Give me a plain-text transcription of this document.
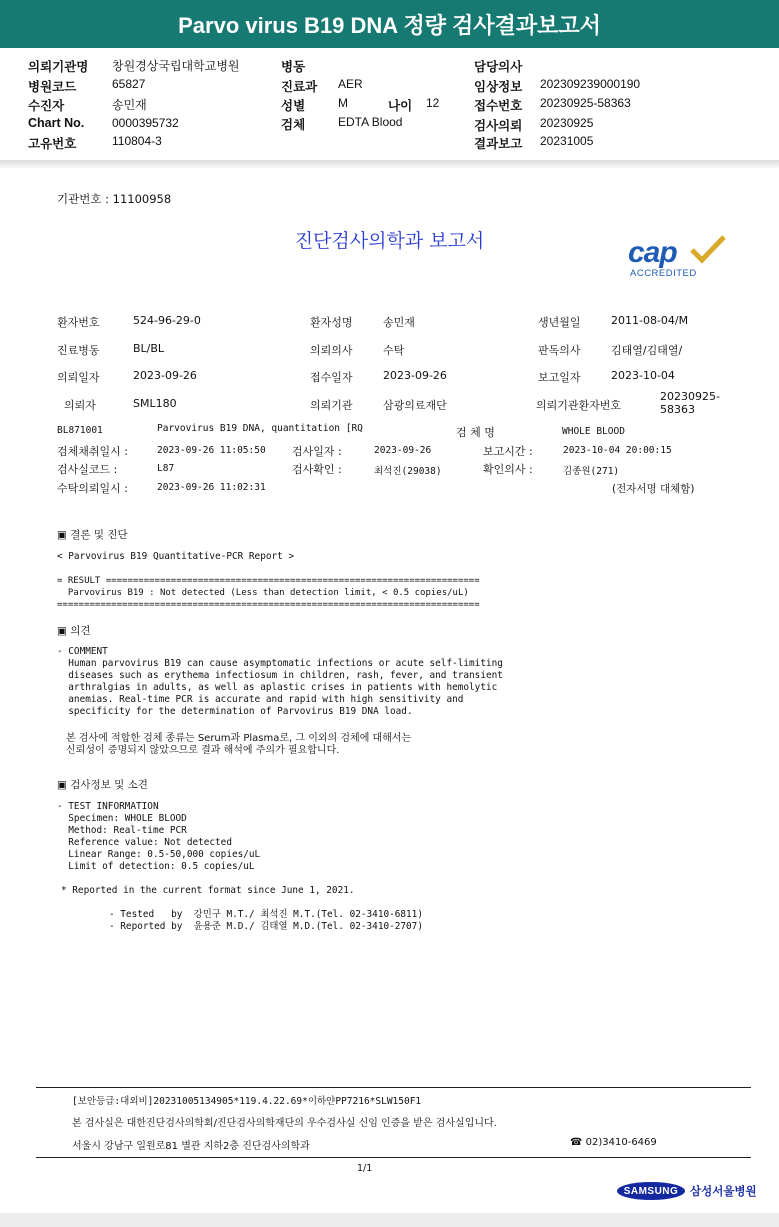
Parvo virus B19 DNA 정량 검사결과보고서
의뢰기관명 창원경상국립대학교병원
병원코드	65827
수진자	송민재
Chart No. 0000395732
고유번호	110804-3
병동
진료과 AER
성별	M	나이 12
검체	EDTA Blood
담당의사
임상정보 202309239000190
접수번호 20230925-58363
검사의뢰 20230925
결과보고 20231005
기관번호 : 11100958
진단검사의학과 보고서	cap
ACCREDITED
환자번호	524-96-29-0	환자성명	송민재	생년월일	2011-08-04/M
진료병동	BL/BL	의뢰의사	수탁	판독의사	김태열/김태열/
의뢰일자	2023-09-26	접수일자	2023-09-26	보고일자	2023-10-04
의뢰자	SML180	의뢰기관	삼광의료재단	의뢰기관환자번호
20230925-58363
BL871001	Parvovirus B19 DNA, quantitation [RQ	검 체 명	WHOLE BLOOD
검체채취일시 :	2023-09-26 11:05:50 검사일자 :	2023-09-26	보고시간 :	2023-10-04 20:00:15
검사실코드 :	L87	검사확인 :	최석진(29038)	확인의사 :	김종원(271)
수탁의뢰일시 :	2023-09-26 11:02:31	(전자서명 대체함)
▣ 결론 및 진단
< Parvovirus B19 Quantitative-PCR Report >
= RESULT =====================================================================
Parvovirus B19 : Not detected (Less than detection limit, < 0.5 copies/uL)
==============================================================================
▣ 의견
- COMMENT
Human parvovirus B19 can cause asymptomatic infections or acute self-limiting
diseases such as erythema infectiosum in children, rash, fever, and transient
arthralgias in adults, as well as aplastic crises in patients with hemolytic
anemias. Real-time PCR is accurate and rapid with high sensitivity and
specificity for the determination of Parvovirus B19 DNA load.
본 검사에 적합한 검체 종류는 Serum과 Plasma로, 그 이외의 검체에 대해서는
신뢰성이 증명되지 않았으므로 결과 해석에 주의가 필요합니다.
▣ 검사정보 및 소견
- TEST INFORMATION
Specimen: WHOLE BLOOD
Method: Real-time PCR
Reference value: Not detected
Linear Range: 0.5-50,000 copies/uL
Limit of detection: 0.5 copies/uL
* Reported in the current format since June 1, 2021.
- Tested   by  강민구 M.T./ 최석진 M.T.(Tel. 02-3410-6811)
- Reported by  윤용준 M.D./ 김태열 M.D.(Tel. 02-3410-2707)
[보안등급:대외비]20231005134905*119.4.22.69*이하얀PP7216*SLW150F1
본 검사실은 대한진단검사의학회/진단검사의학재단의 우수검사실 신임 인증을 받은 검사실입니다.
서울시 강남구 일원로81 별관 지하2층 진단검사의학과	☎ 02)3410-6469
1/1
SAMSUNG	삼성서울병원
